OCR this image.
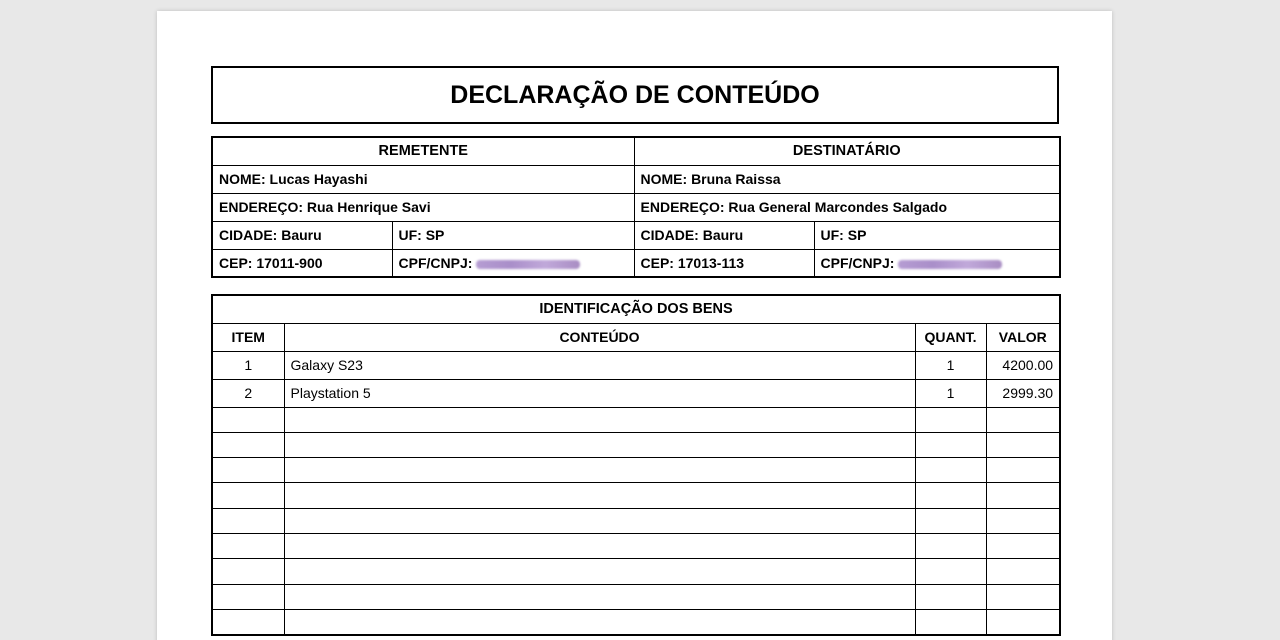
DECLARAÇÃO DE CONTEÚDO
REMETENTE		DESTINATÁRIO	
NOME: Lucas Hayashi		NOME: Bruna Raissa	
ENDEREÇO: Rua Henrique Savi		ENDEREÇO: Rua General Marcondes Salgado	
CIDADE: Bauru	UF: SP	CIDADE: Bauru	UF: SP
CEP: 17011-900	CPF/CNPJ:	CEP: 17013-113	CPF/CNPJ:
IDENTIFICAÇÃO DOS BENS			
ITEM	CONTEÚDO	QUANT.	VALOR
1	Galaxy S23	1	4200.00
2	Playstation 5	1	2999.30
